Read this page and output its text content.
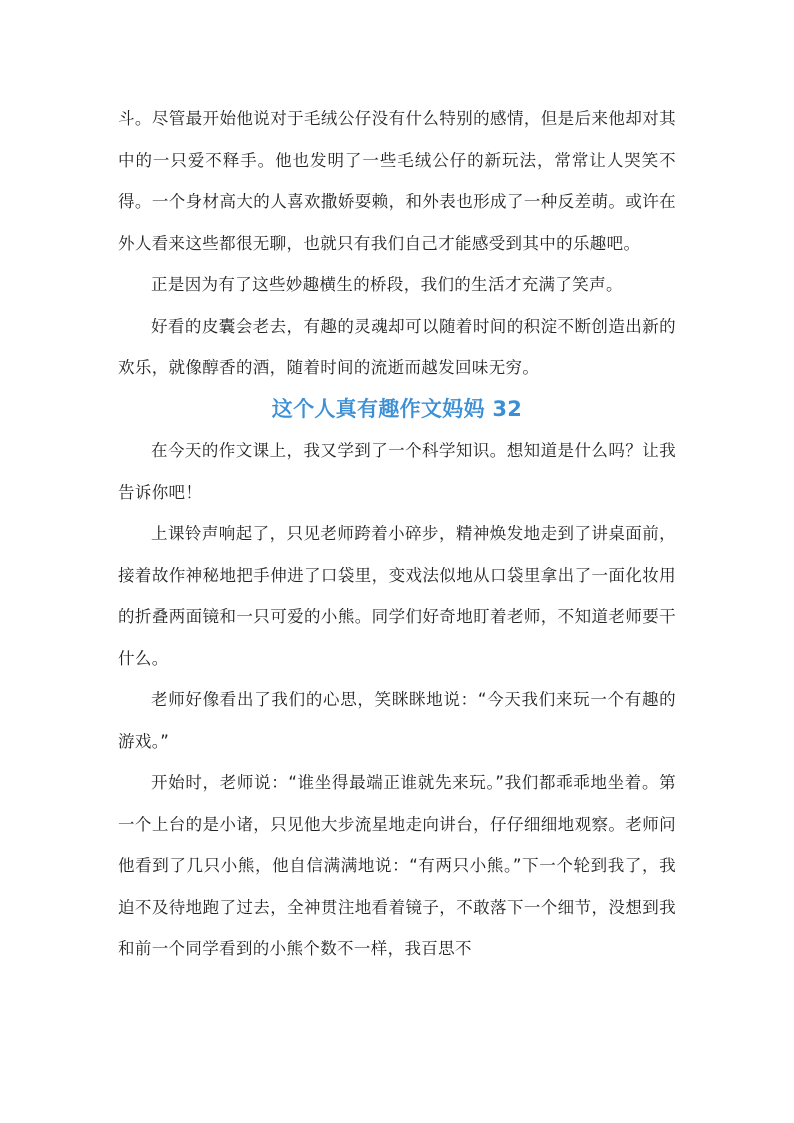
斗。尽管最开始他说对于毛绒公仔没有什么特别的感情，但是后来他却对其中的一只爱不释手。他也发明了一些毛绒公仔的新玩法，常常让人哭笑不得。一个身材高大的人喜欢撒娇耍赖，和外表也形成了一种反差萌。或许在外人看来这些都很无聊，也就只有我们自己才能感受到其中的乐趣吧。

正是因为有了这些妙趣横生的桥段，我们的生活才充满了笑声。

好看的皮囊会老去，有趣的灵魂却可以随着时间的积淀不断创造出新的欢乐，就像醇香的酒，随着时间的流逝而越发回味无穷。

这个人真有趣作文妈妈 32

在今天的作文课上，我又学到了一个科学知识。想知道是什么吗？让我告诉你吧！

上课铃声响起了，只见老师跨着小碎步，精神焕发地走到了讲桌面前，接着故作神秘地把手伸进了口袋里，变戏法似地从口袋里拿出了一面化妆用的折叠两面镜和一只可爱的小熊。同学们好奇地盯着老师，不知道老师要干什么。

老师好像看出了我们的心思，笑眯眯地说：“今天我们来玩一个有趣的游戏。”

开始时，老师说：“谁坐得最端正谁就先来玩。”我们都乖乖地坐着。第一个上台的是小诸，只见他大步流星地走向讲台，仔仔细细地观察。老师问他看到了几只小熊，他自信满满地说：“有两只小熊。”下一个轮到我了，我迫不及待地跑了过去，全神贯注地看着镜子，不敢落下一个细节，没想到我和前一个同学看到的小熊个数不一样，我百思不
